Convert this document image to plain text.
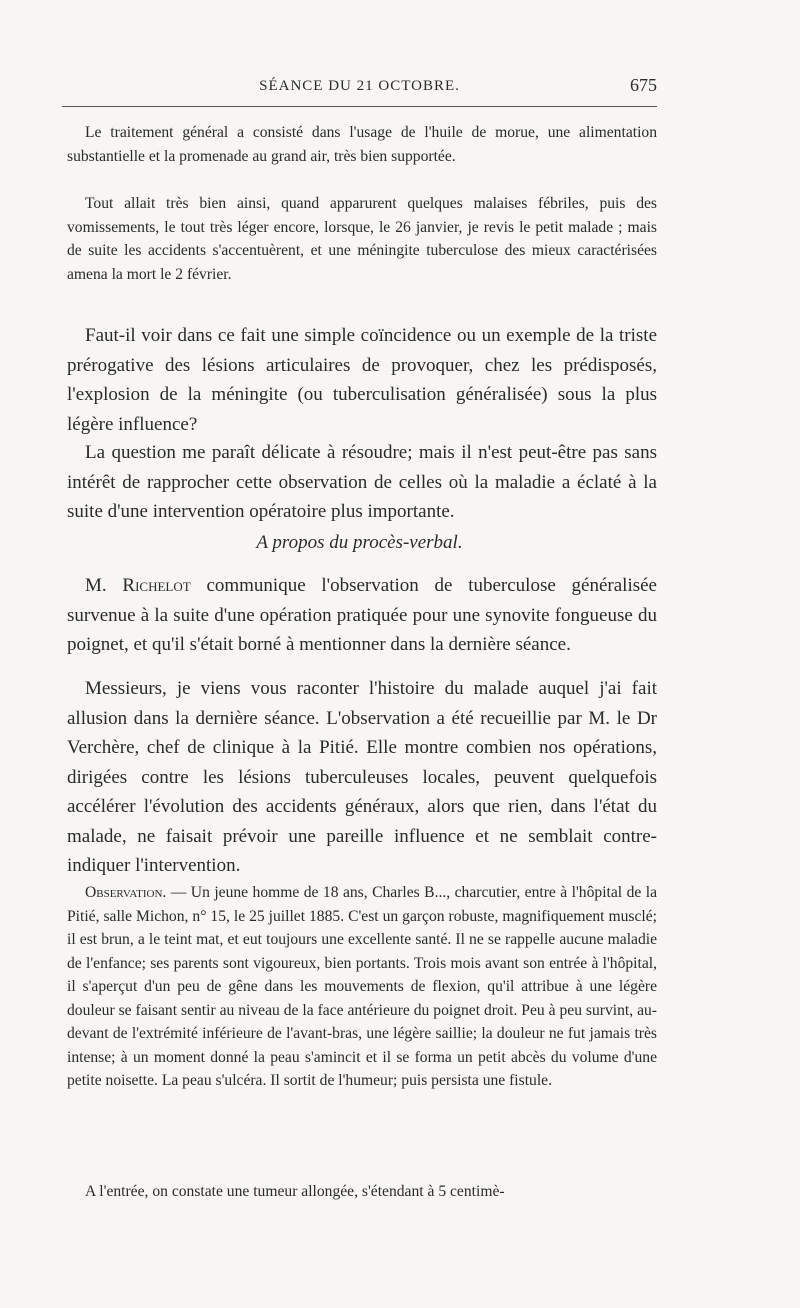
SÉANCE DU 21 OCTOBRE.	675

Le traitement général a consisté dans l'usage de l'huile de morue, une alimentation substantielle et la promenade au grand air, très bien supportée.

Tout allait très bien ainsi, quand apparurent quelques malaises fébriles, puis des vomissements, le tout très léger encore, lorsque, le 26 janvier, je revis le petit malade ; mais de suite les accidents s'accentuèrent, et une méningite tuberculose des mieux caractérisées amena la mort le 2 février.

Faut-il voir dans ce fait une simple coïncidence ou un exemple de la triste prérogative des lésions articulaires de provoquer, chez les prédisposés, l'explosion de la méningite (ou tuberculisation généralisée) sous la plus légère influence?

La question me paraît délicate à résoudre; mais il n'est peut-être pas sans intérêt de rapprocher cette observation de celles où la maladie a éclaté à la suite d'une intervention opératoire plus importante.

A propos du procès-verbal.

M. Richelot communique l'observation de tuberculose généralisée survenue à la suite d'une opération pratiquée pour une synovite fongueuse du poignet, et qu'il s'était borné à mentionner dans la dernière séance.

Messieurs, je viens vous raconter l'histoire du malade auquel j'ai fait allusion dans la dernière séance. L'observation a été recueillie par M. le Dr Verchère, chef de clinique à la Pitié. Elle montre combien nos opérations, dirigées contre les lésions tuberculeuses locales, peuvent quelquefois accélérer l'évolution des accidents généraux, alors que rien, dans l'état du malade, ne faisait prévoir une pareille influence et ne semblait contre-indiquer l'intervention.

Observation. — Un jeune homme de 18 ans, Charles B..., charcutier, entre à l'hôpital de la Pitié, salle Michon, n° 15, le 25 juillet 1885. C'est un garçon robuste, magnifiquement musclé; il est brun, a le teint mat, et eut toujours une excellente santé. Il ne se rappelle aucune maladie de l'enfance; ses parents sont vigoureux, bien portants. Trois mois avant son entrée à l'hôpital, il s'aperçut d'un peu de gêne dans les mouvements de flexion, qu'il attribue à une légère douleur se faisant sentir au niveau de la face antérieure du poignet droit. Peu à peu survint, au-devant de l'extrémité inférieure de l'avant-bras, une légère saillie; la douleur ne fut jamais très intense; à un moment donné la peau s'amincit et il se forma un petit abcès du volume d'une petite noisette. La peau s'ulcéra. Il sortit de l'humeur; puis persista une fistule.

A l'entrée, on constate une tumeur allongée, s'étendant à 5 centimè-
